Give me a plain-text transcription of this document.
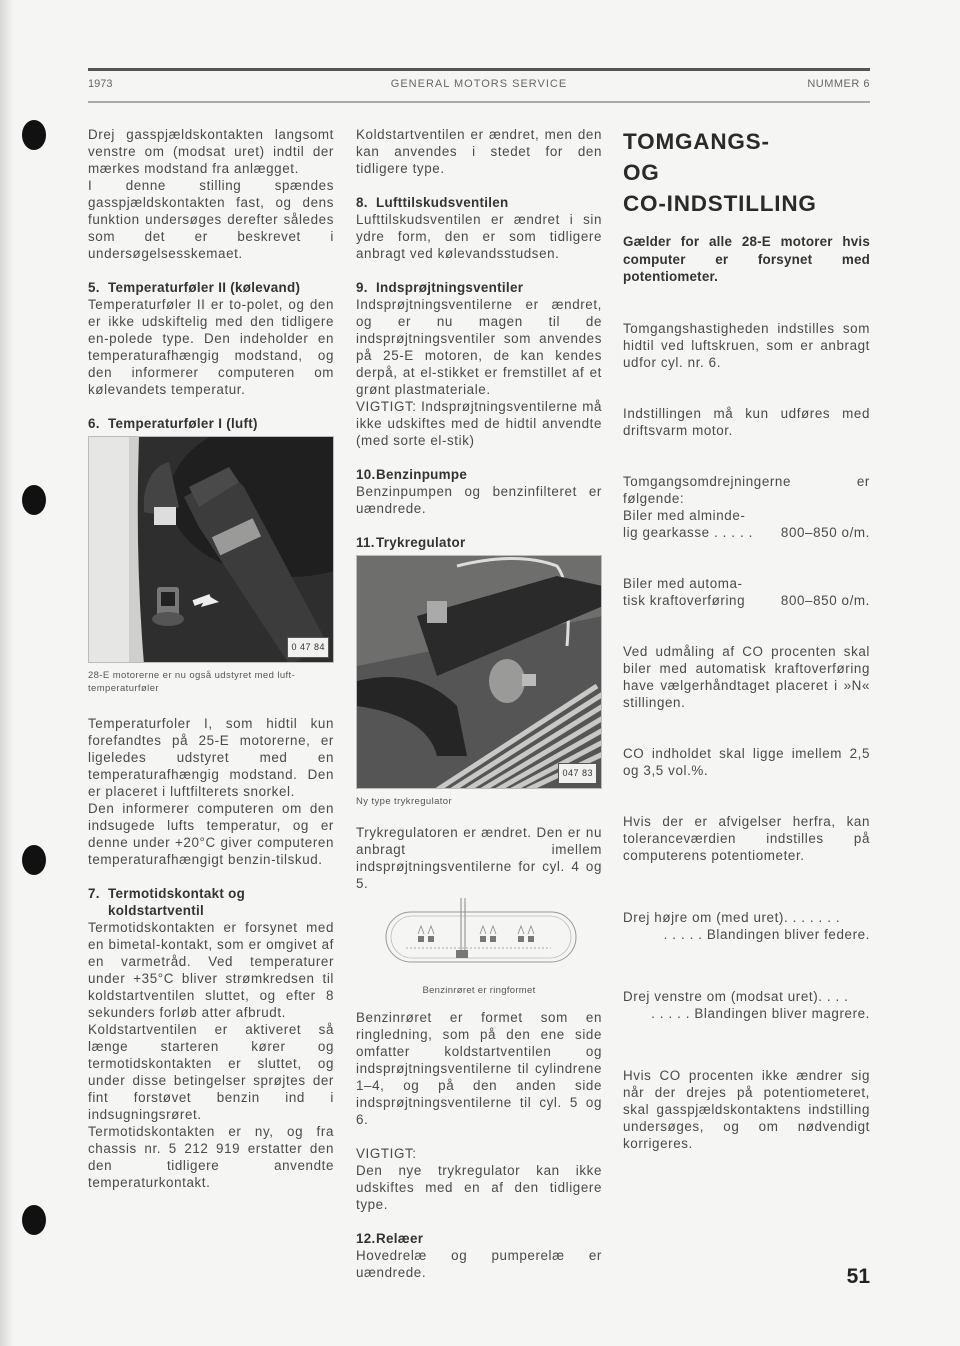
1973	GENERAL MOTORS SERVICE	NUMMER 6

Drej gasspjældskontakten langsomt venstre om (modsat uret) indtil der mærkes modstand fra anlægget.

I denne stilling spændes gasspjældskontakten fast, og dens funktion undersøges derefter således som det er beskrevet i undersøgelsesskemaet.

5. Temperaturføler II (kølevand)

Temperaturføler II er to-polet, og den er ikke udskiftelig med den tidligere en-polede type. Den indeholder en temperaturafhængig modstand, og den informerer computeren om kølevandets temperatur.

6. Temperaturføler I (luft)
0 47 84

28-E motorerne er nu også udstyret med luft-temperaturføler

Temperaturfoler I, som hidtil kun forefandtes på 25-E motorerne, er ligeledes udstyret med en temperaturafhængig modstand. Den er placeret i luftfilterets snorkel.

Den informerer computeren om den indsugede lufts temperatur, og er denne under +20°C giver computeren temperaturafhængigt benzin-tilskud.

7. Termotidskontakt og
koldstartventil

Termotidskontakten er forsynet med en bimetal-kontakt, som er omgivet af en varmetråd. Ved temperaturer under +35°C bliver strømkredsen til koldstartventilen sluttet, og efter 8 sekunders forløb atter afbrudt.

Koldstartventilen er aktiveret så længe starteren kører og termotidskontakten er sluttet, og under disse betingelser sprøjtes der fint forstøvet benzin ind i indsugningsrøret.

Termotidskontakten er ny, og fra chassis nr. 5 212 919 erstatter den den tidligere anvendte temperaturkontakt.

Koldstartventilen er ændret, men den kan anvendes i stedet for den tidligere type.

8. Lufttilskudsventilen

Lufttilskudsventilen er ændret i sin ydre form, den er som tidligere anbragt ved kølevandsstudsen.

9. Indsprøjtningsventiler

Indsprøjtningsventilerne er ændret, og er nu magen til de indsprøjtningsventiler som anvendes på 25-E motoren, de kan kendes derpå, at el-stikket er fremstillet af et grønt plastmateriale.

VIGTIGT: Indsprøjtningsventilerne må ikke udskiftes med de hidtil anvendte (med sorte el-stik)

10.Benzinpumpe

Benzinpumpen og benzinfilteret er uændrede.

11.Trykregulator
047 83

Ny type trykregulator

Trykregulatoren er ændret. Den er nu anbragt imellem indsprøjtningsventilerne for cyl. 4 og 5.

Benzinrøret er ringformet

Benzinrøret er formet som en ringledning, som på den ene side omfatter koldstartventilen og indsprøjtningsventilerne til cylindrene 1–4, og på den anden side indsprøjtningsventilerne til cyl. 5 og 6.

VIGTIGT:

Den nye trykregulator kan ikke udskiftes med en af den tidligere type.

12.Relæer

Hovedrelæ og pumperelæ er uændrede.

TOMGANGS-
OG
CO-INDSTILLING

Gælder for alle 28-E motorer hvis computer er forsynet med potentiometer.

Tomgangshastigheden indstilles som hidtil ved luftskruen, som er anbragt udfor cyl. nr. 6.

Indstillingen må kun udføres med driftsvarm motor.

Tomgangsomdrejningerne er følgende:

Biler med alminde-
lig gearkasse . . . . . 800–850 o/m.
Biler med automa-
tisk kraftoverføring	800–850 o/m.

Ved udmåling af CO procenten skal biler med automatisk kraftoverføring have vælgerhåndtaget placeret i »N« stillingen.

CO indholdet skal ligge imellem 2,5 og 3,5 vol.%.

Hvis der er afvigelser herfra, kan toleranceværdien indstilles på computerens potentiometer.

Drej højre om (med uret). . . . . . .
. . . . . Blandingen bliver federe.
Drej venstre om (modsat uret). . . .
. . . . . Blandingen bliver magrere.

Hvis CO procenten ikke ændrer sig når der drejes på potentiometeret, skal gasspjældskontaktens indstilling undersøges, og om nødvendigt korrigeres.

51
